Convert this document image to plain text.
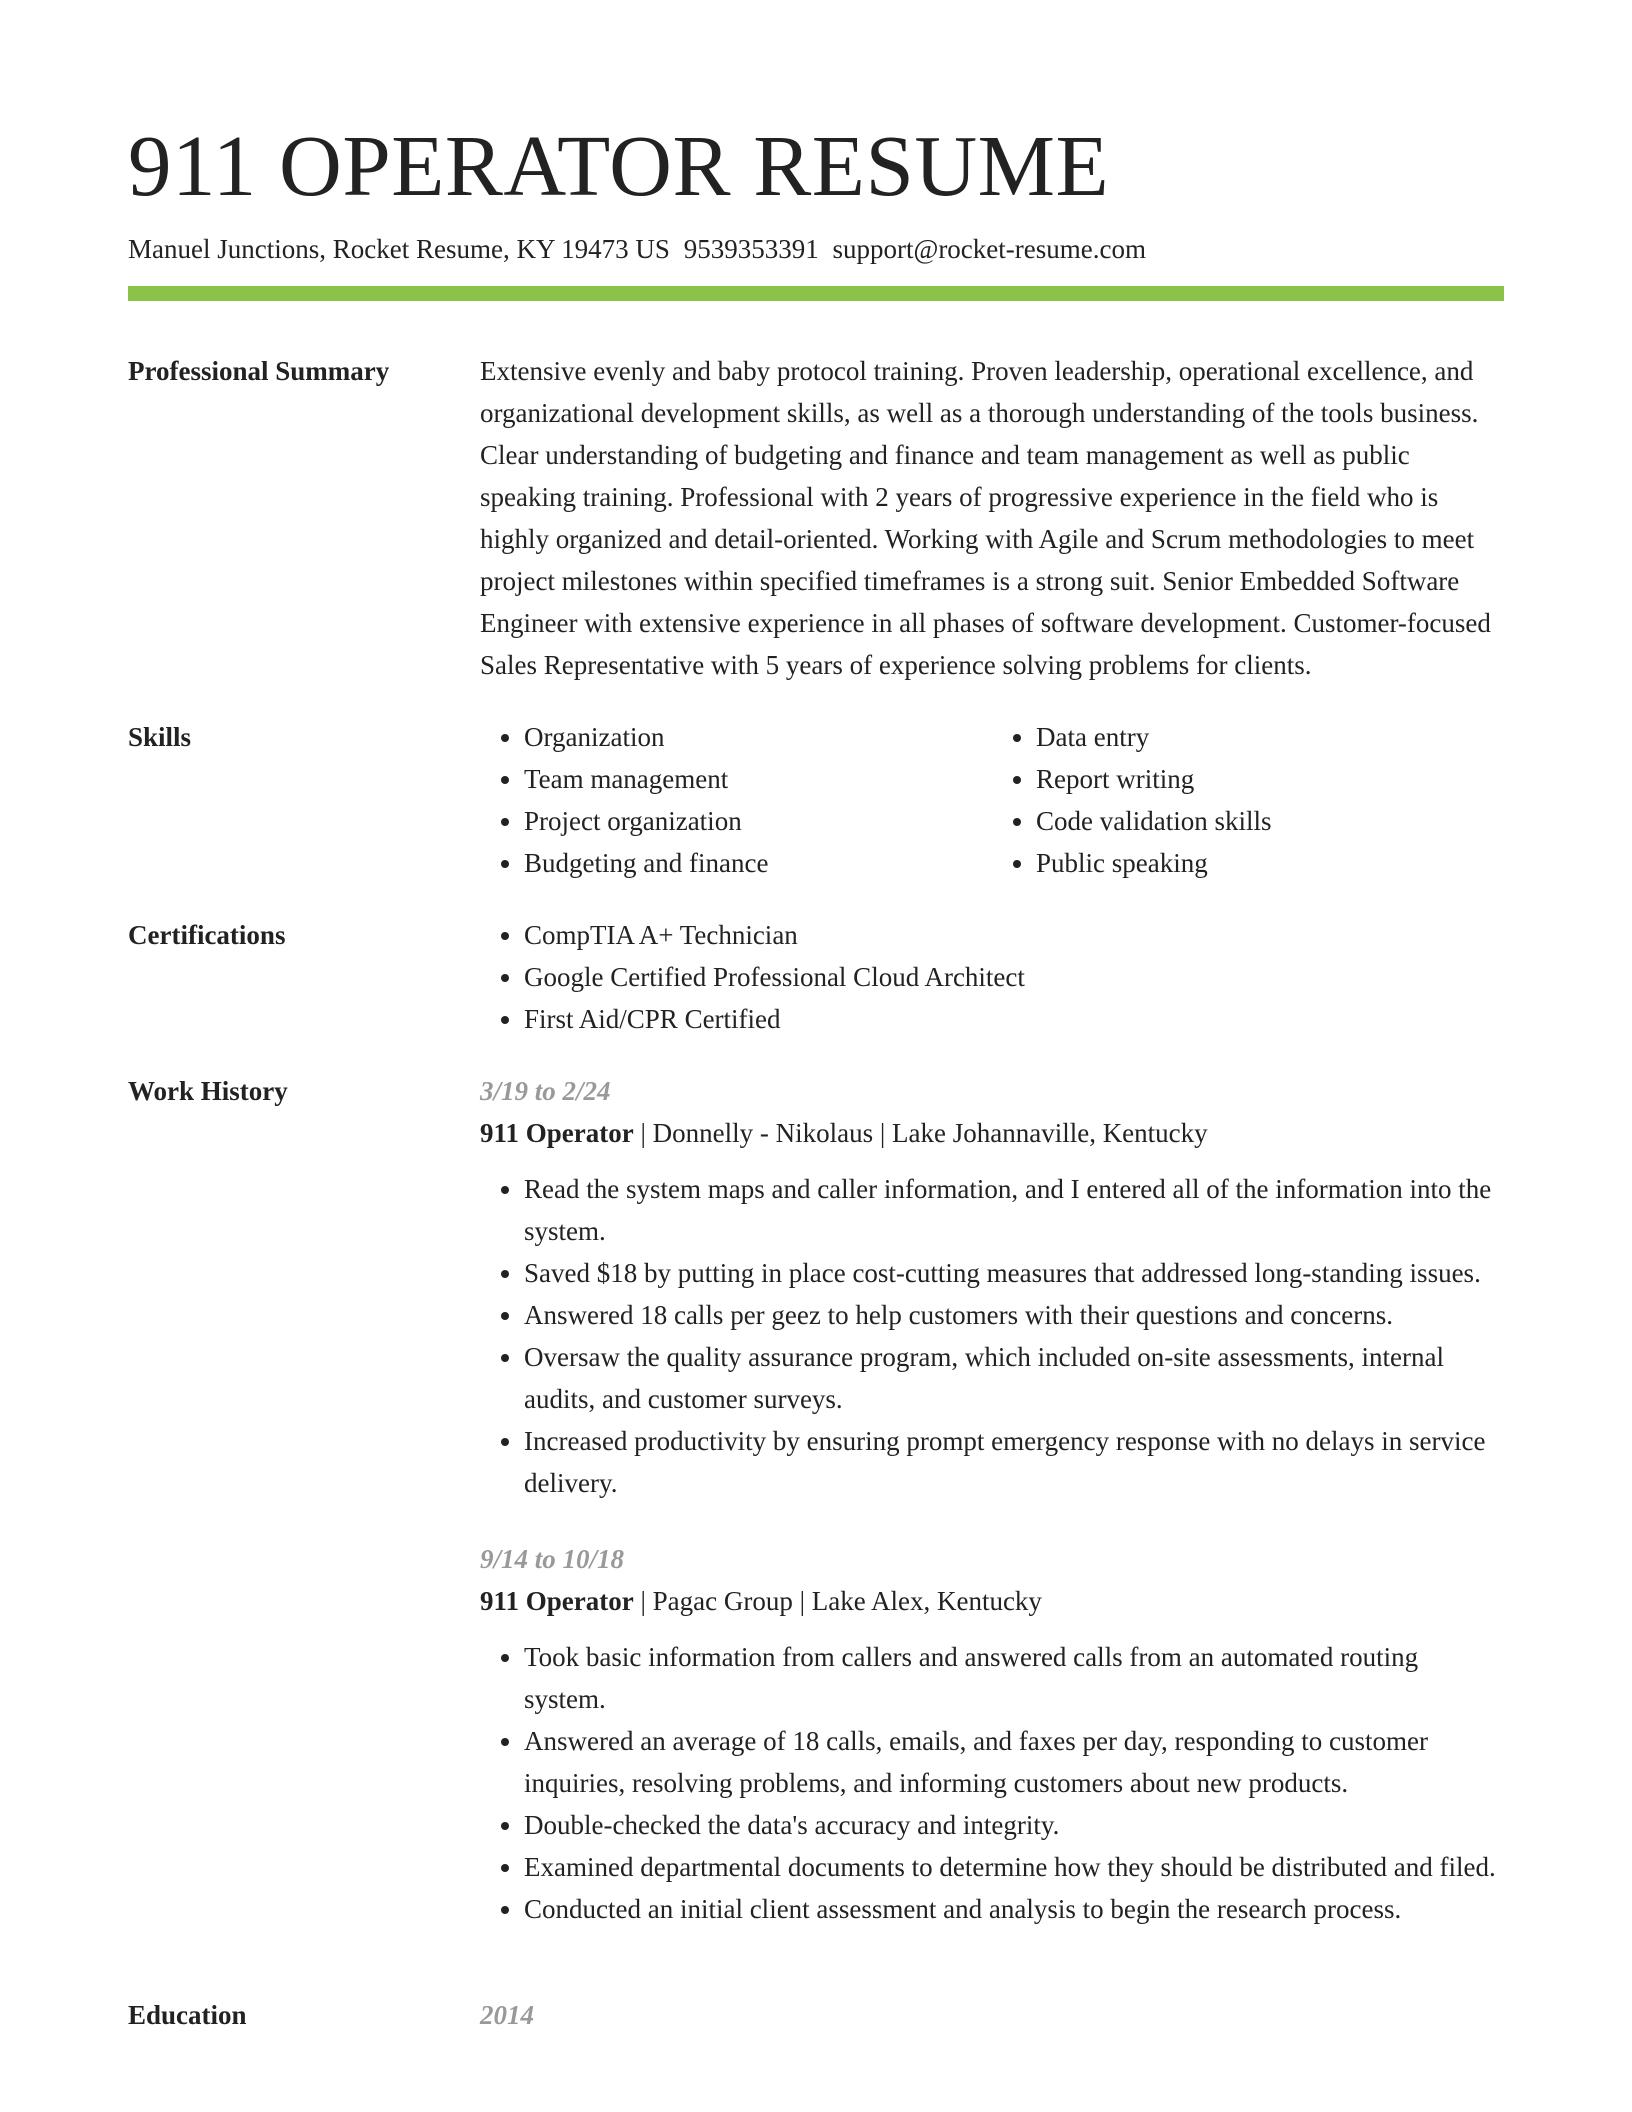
911 OPERATOR RESUME
Manuel Junctions, Rocket Resume, KY 19473 US 9539353391 support@rocket-resume.com
Professional Summary	Extensive evenly and baby protocol training. Proven leadership, operational excellence, and organizational development skills, as well as a thorough understanding of the tools business. Clear understanding of budgeting and finance and team management as well as public speaking training. Professional with 2 years of progressive experience in the field who is highly organized and detail-oriented. Working with Agile and Scrum methodologies to meet project milestones within specified timeframes is a strong suit. Senior Embedded Software Engineer with extensive experience in all phases of software development. Customer-focused Sales Representative with 5 years of experience solving problems for clients.

Skills	• Organization
• Team management
• Project organization
• Budgeting and finance
• Data entry
• Report writing
• Code validation skills
• Public speaking
Certifications	• CompTIA A+ Technician
• Google Certified Professional Cloud Architect
• First Aid/CPR Certified
Work History	3/19 to 2/24
911 Operator | Donnelly - Nikolaus | Lake Johannaville, Kentucky
• Read the system maps and caller information, and I entered all of the information into the system.
• Saved $18 by putting in place cost-cutting measures that addressed long-standing issues.
• Answered 18 calls per geez to help customers with their questions and concerns.
• Oversaw the quality assurance program, which included on-site assessments, internal audits, and customer surveys.
• Increased productivity by ensuring prompt emergency response with no delays in service delivery.
9/14 to 10/18
911 Operator | Pagac Group | Lake Alex, Kentucky
• Took basic information from callers and answered calls from an automated routing system.
• Answered an average of 18 calls, emails, and faxes per day, responding to customer inquiries, resolving problems, and informing customers about new products.
• Double-checked the data's accuracy and integrity.
• Examined departmental documents to determine how they should be distributed and filed.
• Conducted an initial client assessment and analysis to begin the research process.
Education	2014
